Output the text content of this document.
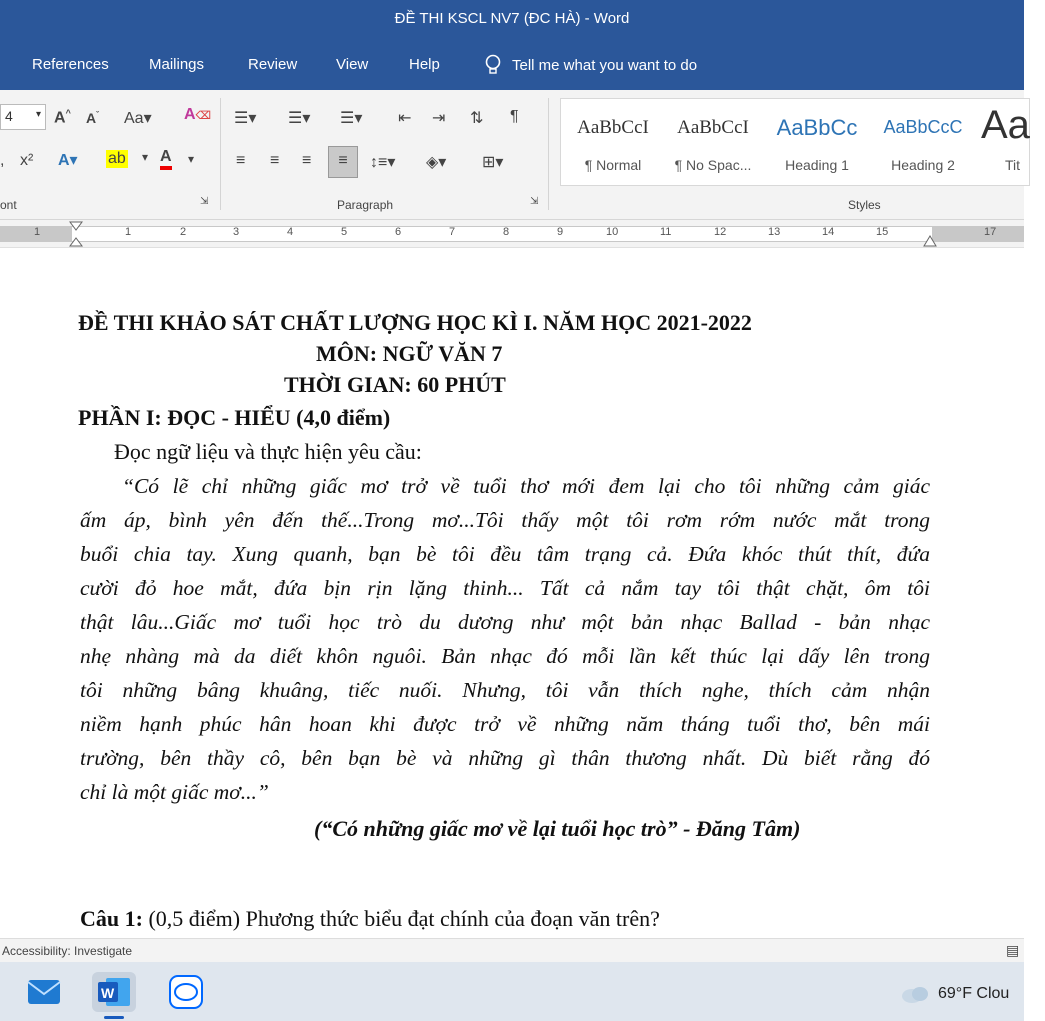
ĐỀ THI KSCL NV7 (ĐC HÀ) - Word
References	Mailings	Review	View	Help	Tell me what you want to do
4 ▾ A^ $A^ˇ$ Aa▾ A⌫
, x² A▾ ab ▾ A ▾
ont	⇲
☰▾ ☰▾ ☰▾ ⇤ ⇥ ⇅ ¶
≡ ≡ ≡	≡	↕≡▾ ◈▾ ⊞▾
Paragraph	⇲
AaBbCcI
¶ Normal
AaBbCcI
¶ No Spac...
AaBbCc
Heading 1
AaBbCcC
Heading 2
Aa
Tit
Styles
1	1	2	3	4	5	6	7	8	9	10	11	12	13	14	15	17
ĐỀ THI KHẢO SÁT CHẤT LƯỢNG HỌC KÌ I. NĂM HỌC 2021-2022
MÔN: NGỮ VĂN 7
THỜI GIAN: 60 PHÚT
PHẦN I: ĐỌC - HIỂU (4,0 điểm)
Đọc ngữ liệu và thực hiện yêu cầu:
“Có lẽ chỉ những giấc mơ trở về tuổi thơ mới đem lại cho tôi những cảm giác
ấm áp, bình yên đến thế...Trong mơ...Tôi thấy một tôi rơm rớm nước mắt trong
buổi chia tay. Xung quanh, bạn bè tôi đều tâm trạng cả. Đứa khóc thút thít, đứa
cười đỏ hoe mắt, đứa bịn rịn lặng thinh... Tất cả nắm tay tôi thật chặt, ôm tôi
thật lâu...Giấc mơ tuổi học trò du dương như một bản nhạc Ballad - bản nhạc
nhẹ nhàng mà da diết khôn nguôi. Bản nhạc đó mỗi lần kết thúc lại dấy lên trong
tôi những bâng khuâng, tiếc nuối. Nhưng, tôi vẫn thích nghe, thích cảm nhận
niềm hạnh phúc hân hoan khi được trở về những năm tháng tuổi thơ, bên mái
trường, bên thầy cô, bên bạn bè và những gì thân thương nhất. Dù biết rằng đó
chỉ là một giấc mơ...”
(“Có những giấc mơ về lại tuổi học trò” - Đăng Tâm)
Câu 1: (0,5 điểm) Phương thức biểu đạt chính của đoạn văn trên?
Accessibility: Investigate	▤
W	69°F Clou
